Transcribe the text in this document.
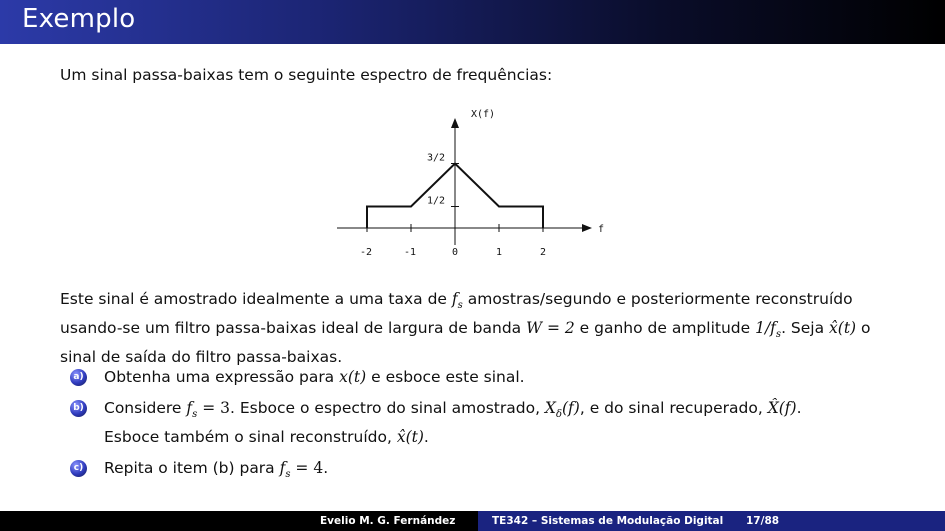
Exemplo
Um sinal passa-baixas tem o seguinte espectro de frequências:
X(f)
f
-2	-1	0	1	2
3/2
1/2
Este sinal é amostrado idealmente a uma taxa de $f_s$ amostras/segundo e posteriormente reconstruído usando-se um filtro passa-baixas ideal de largura de banda W = 2 e ganho de amplitude $1/f_s$. Seja x̂(t) o sinal de saída do filtro passa-baixas.
a) Obtenha uma expressão para x(t) e esboce este sinal.
b) Considere $f_s = 3$. Esboce o espectro do sinal amostrado, $X_\delta(f)$, e do sinal recuperado, X̂(f).
Esboce também o sinal reconstruído, x̂(t).
c) Repita o item (b) para $f_s = 4$.
Evelio M. G. Fernández	TE342 – Sistemas de Modulação Digital 17/88
